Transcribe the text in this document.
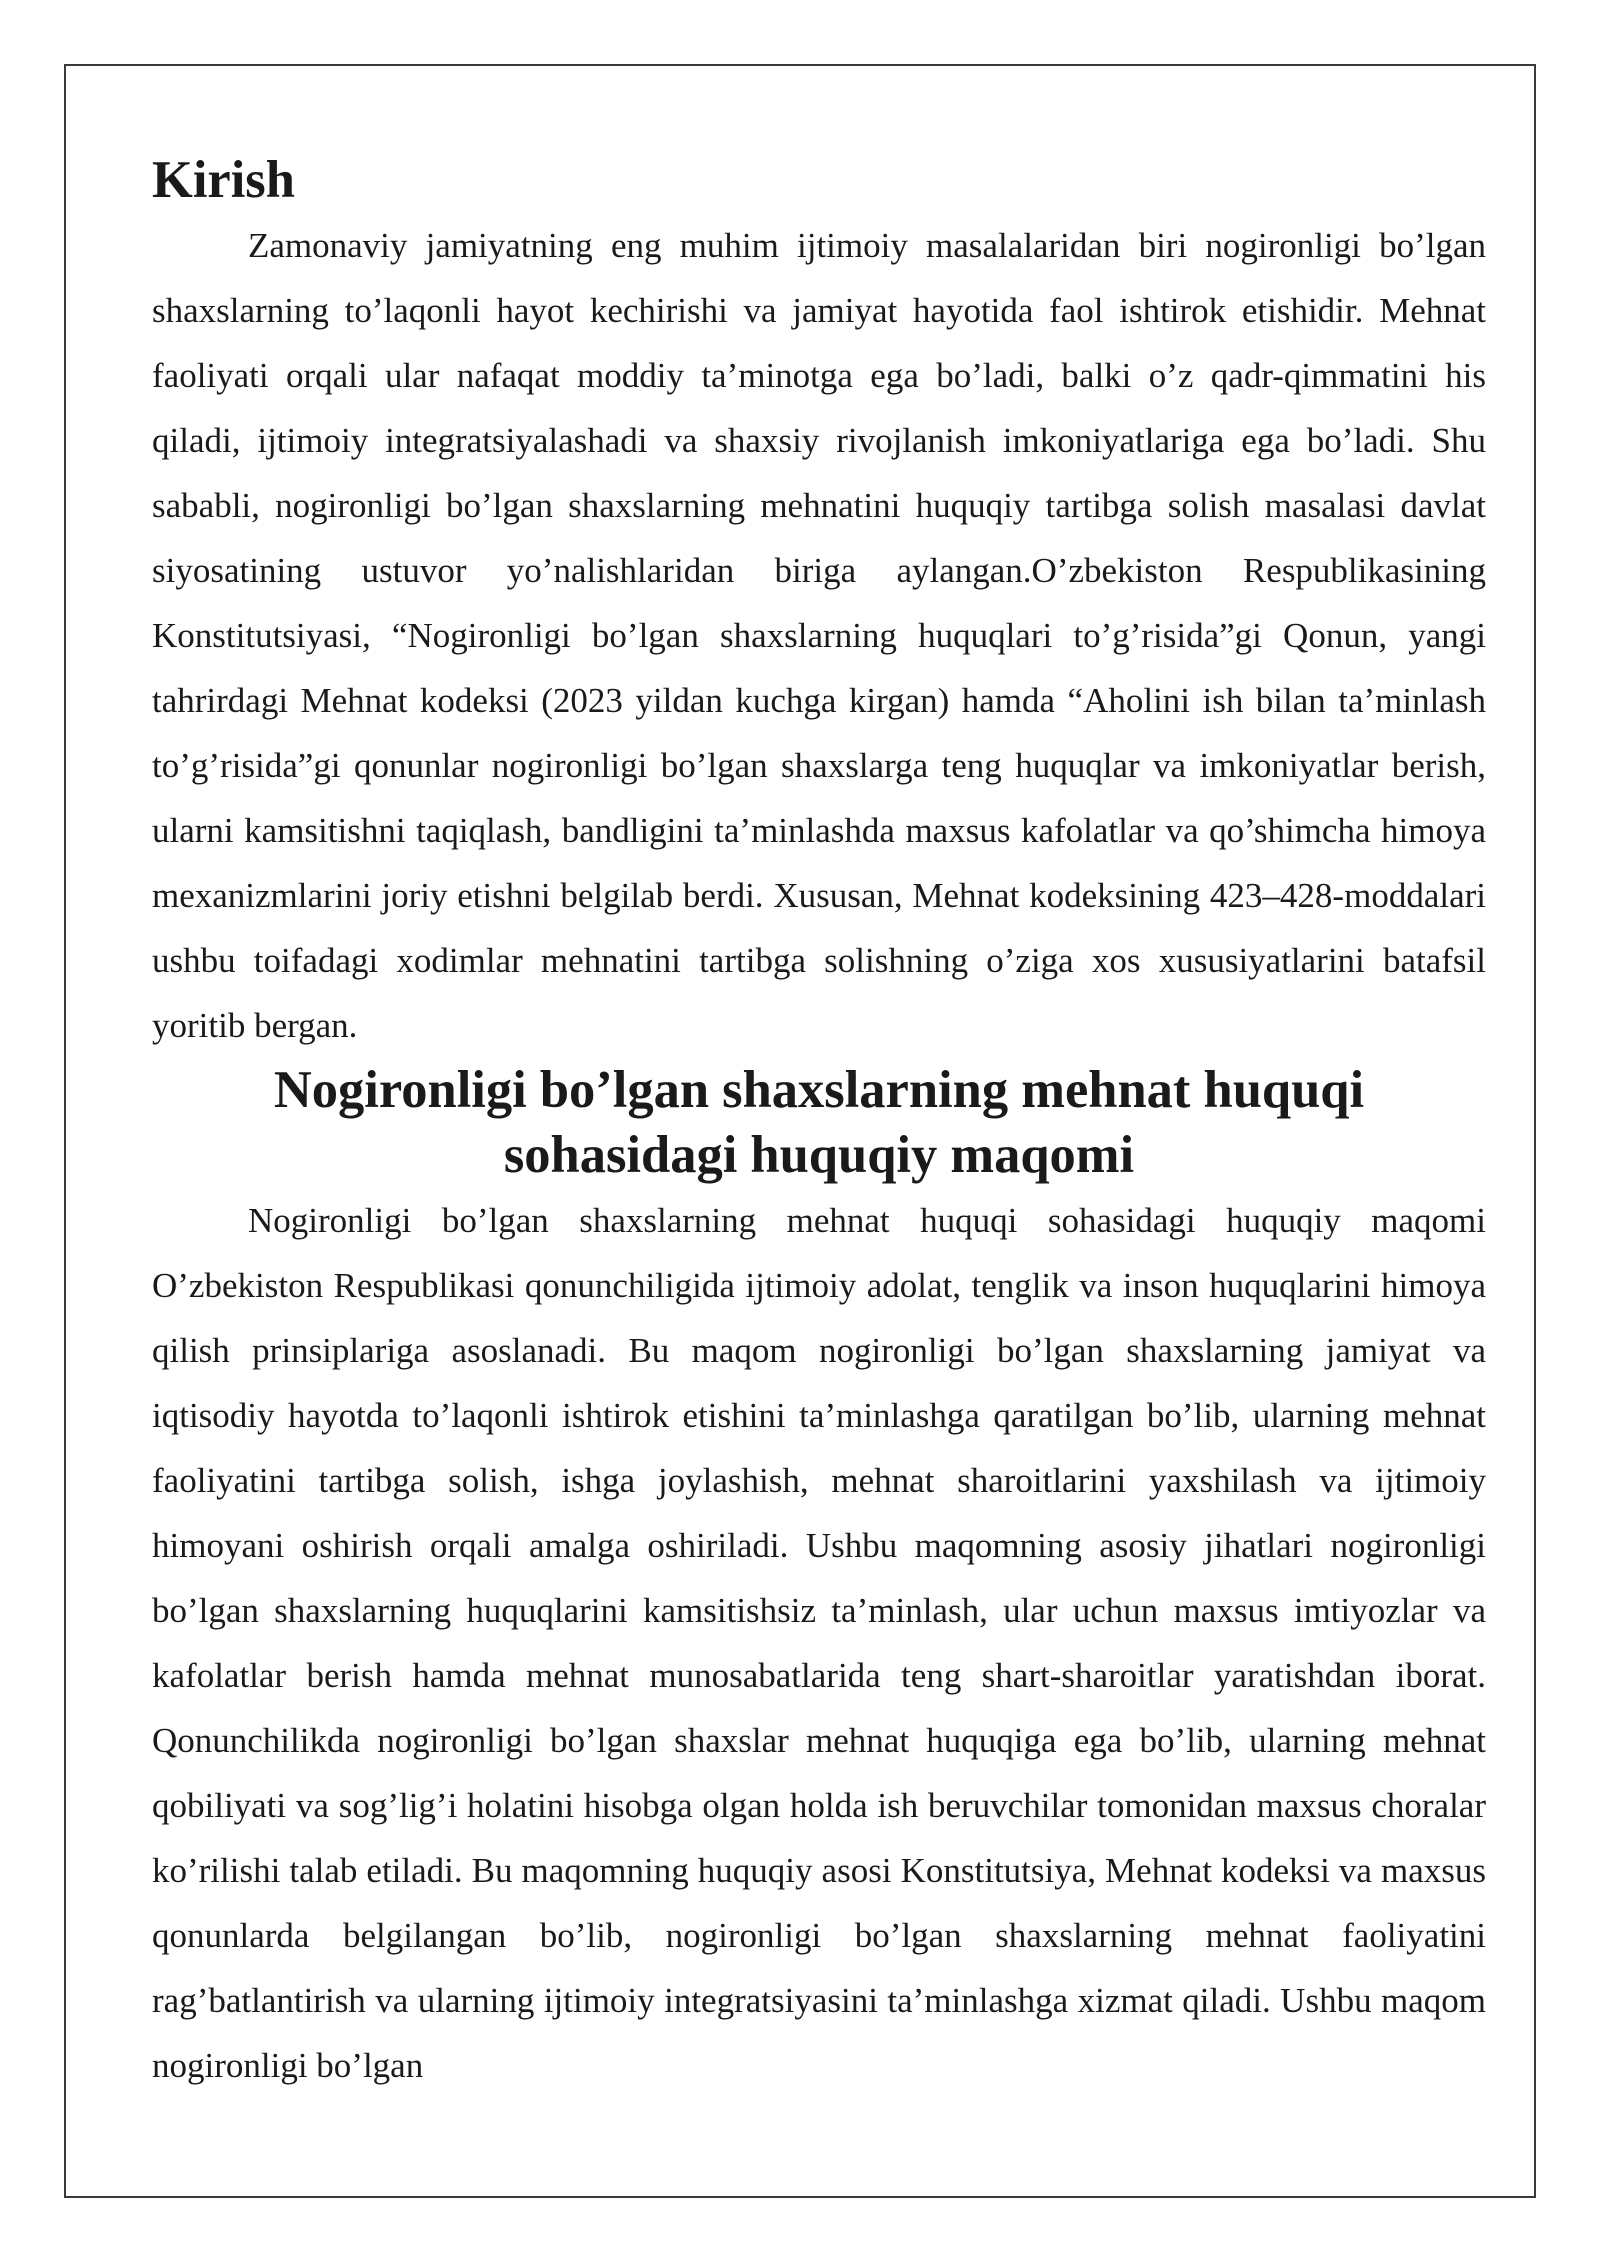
Kirish

Zamonaviy jamiyatning eng muhim ijtimoiy masalalaridan biri nogironligi bo’lgan shaxslarning to’laqonli hayot kechirishi va jamiyat hayotida faol ishtirok etishidir. Mehnat faoliyati orqali ular nafaqat moddiy ta’minotga ega bo’ladi, balki o’z qadr-qimmatini his qiladi, ijtimoiy integratsiyalashadi va shaxsiy rivojlanish imkoniyatlariga ega bo’ladi. Shu sababli, nogironligi bo’lgan shaxslarning mehnatini huquqiy tartibga solish masalasi davlat siyosatining ustuvor yo’nalishlaridan biriga aylangan.O’zbekiston Respublikasining Konstitutsiyasi, “Nogironligi bo’lgan shaxslarning huquqlari to’g’risida”gi Qonun, yangi tahrirdagi Mehnat kodeksi (2023 yildan kuchga kirgan) hamda “Aholini ish bilan ta’minlash to’g’risida”gi qonunlar nogironligi bo’lgan shaxslarga teng huquqlar va imkoniyatlar berish, ularni kamsitishni taqiqlash, bandligini ta’minlashda maxsus kafolatlar va qo’shimcha himoya mexanizmlarini joriy etishni belgilab berdi. Xususan, Mehnat kodeksining 423–428-moddalari ushbu toifadagi xodimlar mehnatini tartibga solishning o’ziga xos xususiyatlarini batafsil yoritib bergan.

Nogironligi bo’lgan shaxslarning mehnat huquqi sohasidagi huquqiy maqomi

Nogironligi bo’lgan shaxslarning mehnat huquqi sohasidagi huquqiy maqomi O’zbekiston Respublikasi qonunchiligida ijtimoiy adolat, tenglik va inson huquqlarini himoya qilish prinsiplariga asoslanadi. Bu maqom nogironligi bo’lgan shaxslarning jamiyat va iqtisodiy hayotda to’laqonli ishtirok etishini ta’minlashga qaratilgan bo’lib, ularning mehnat faoliyatini tartibga solish, ishga joylashish, mehnat sharoitlarini yaxshilash va ijtimoiy himoyani oshirish orqali amalga oshiriladi. Ushbu maqomning asosiy jihatlari nogironligi bo’lgan shaxslarning huquqlarini kamsitishsiz ta’minlash, ular uchun maxsus imtiyozlar va kafolatlar berish hamda mehnat munosabatlarida teng shart-sharoitlar yaratishdan iborat. Qonunchilikda nogironligi bo’lgan shaxslar mehnat huquqiga ega bo’lib, ularning mehnat qobiliyati va sog’lig’i holatini hisobga olgan holda ish beruvchilar tomonidan maxsus choralar ko’rilishi talab etiladi. Bu maqomning huquqiy asosi Konstitutsiya, Mehnat kodeksi va maxsus qonunlarda belgilangan bo’lib, nogironligi bo’lgan shaxslarning mehnat faoliyatini rag’batlantirish va ularning ijtimoiy integratsiyasini ta’minlashga xizmat qiladi. Ushbu maqom nogironligi bo’lgan
